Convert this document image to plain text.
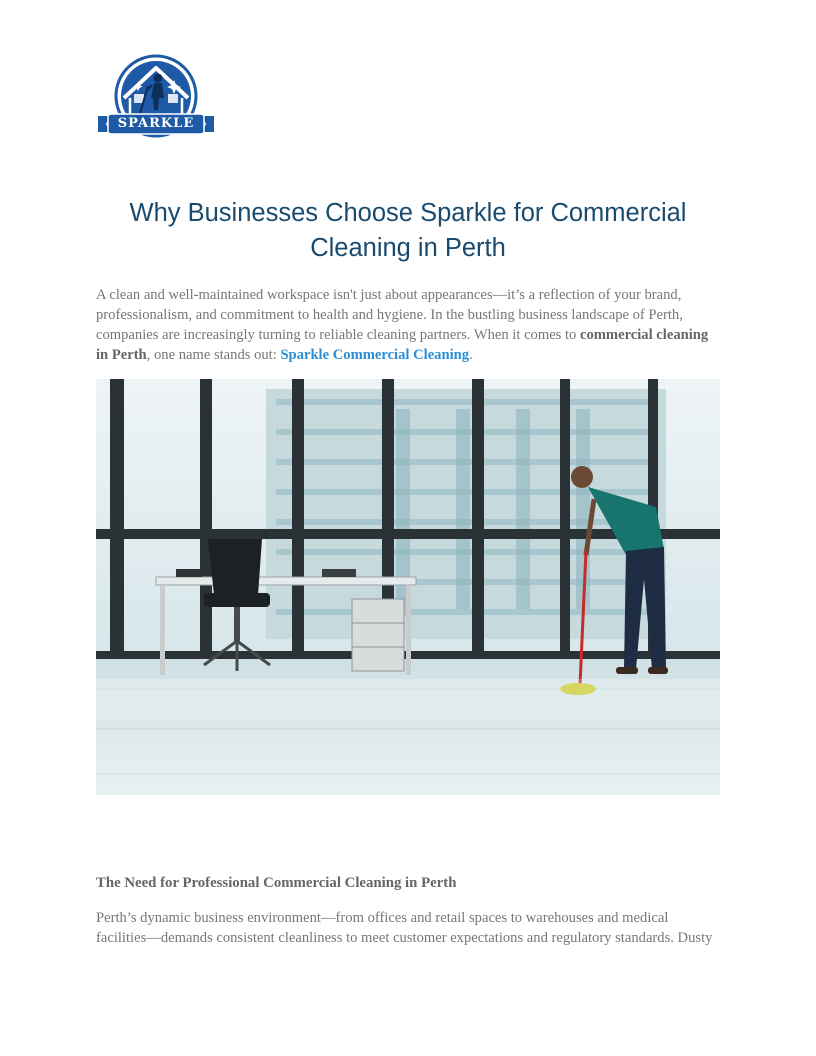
SPARKLE
Why Businesses Choose Sparkle for Commercial Cleaning in Perth

A clean and well-maintained workspace isn't just about appearances—it’s a reflection of your brand, professionalism, and commitment to health and hygiene. In the bustling business landscape of Perth, companies are increasingly turning to reliable cleaning partners. When it comes to commercial cleaning in Perth, one name stands out: Sparkle Commercial Cleaning.

The Need for Professional Commercial Cleaning in Perth

Perth’s dynamic business environment—from offices and retail spaces to warehouses and medical facilities—demands consistent cleanliness to meet customer expectations and regulatory standards. Dusty
